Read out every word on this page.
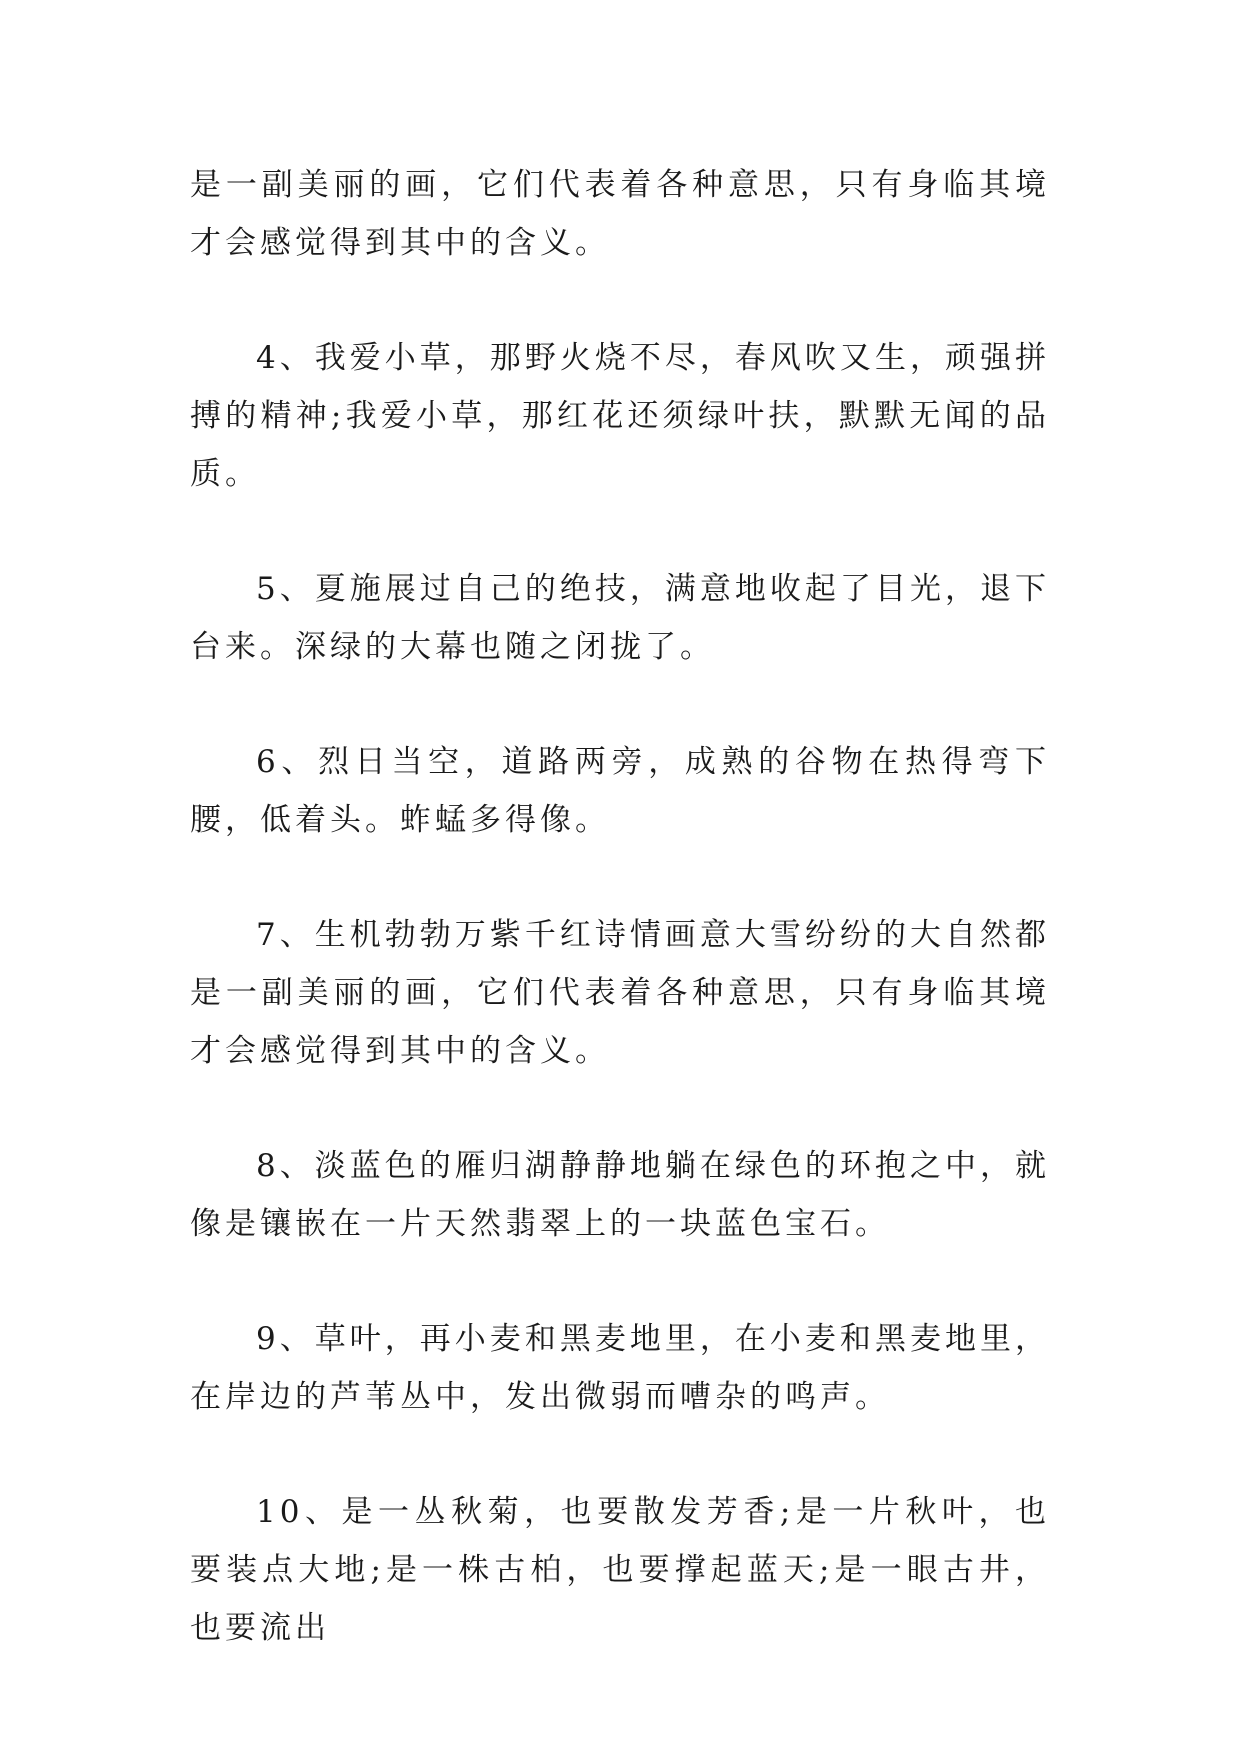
是一副美丽的画，它们代表着各种意思，只有身临其境才会感觉得到其中的含义。

4、我爱小草，那野火烧不尽，春风吹又生，顽强拼搏的精神;我爱小草，那红花还须绿叶扶，默默无闻的品质。

5、夏施展过自己的绝技，满意地收起了目光，退下台来。深绿的大幕也随之闭拢了。

6、烈日当空，道路两旁，成熟的谷物在热得弯下腰，低着头。蚱蜢多得像。

7、生机勃勃万紫千红诗情画意大雪纷纷的大自然都是一副美丽的画，它们代表着各种意思，只有身临其境才会感觉得到其中的含义。

8、淡蓝色的雁归湖静静地躺在绿色的环抱之中，就像是镶嵌在一片天然翡翠上的一块蓝色宝石。

9、草叶，再小麦和黑麦地里，在小麦和黑麦地里，在岸边的芦苇丛中，发出微弱而嘈杂的鸣声。

10、是一丛秋菊，也要散发芳香;是一片秋叶，也要装点大地;是一株古柏，也要撑起蓝天;是一眼古井，也要流出
